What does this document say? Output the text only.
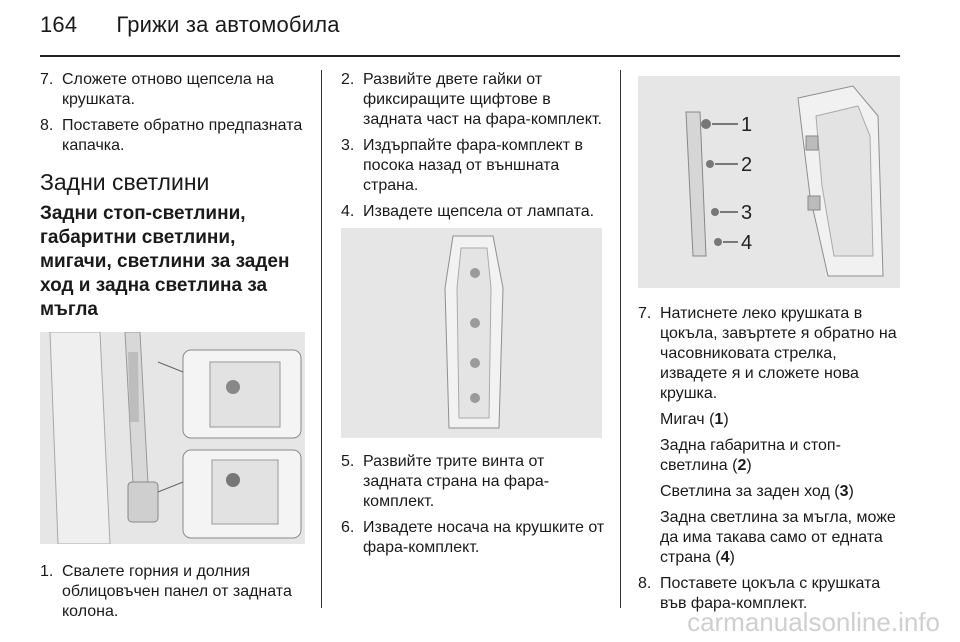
164 Грижи за автомобила
7. Сложете отново щепсела на крушката.
8. Поставете обратно предпазната капачка.
Задни светлини
Задни стоп-светлини, габаритни светлини, мигачи, светлини за заден ход и задна светлина за мъгла
1. Свалете горния и долния облицовъчен панел от задната колона.
2. Развийте двете гайки от фиксиращите щифтове в задната част на фара-комплект.
3. Издърпайте фара-комплект в посока назад от външната страна.
4. Извадете щепсела от лампата.
5. Развийте трите винта от задната страна на фара-комплект.
6. Извадете носача на крушките от фара-комплект.
1
2
3
4
7. Натиснете леко крушката в цокъла, завъртете я обратно на часовниковата стрелка, извадете я и сложете нова крушка.
Мигач (1)
Задна габаритна и стоп-светлина (2)
Светлина за заден ход (3)
Задна светлина за мъгла, може да има такава само от едната страна (4)
8. Поставете цокъла с крушката във фара-комплект.
carmanualsonline.info
